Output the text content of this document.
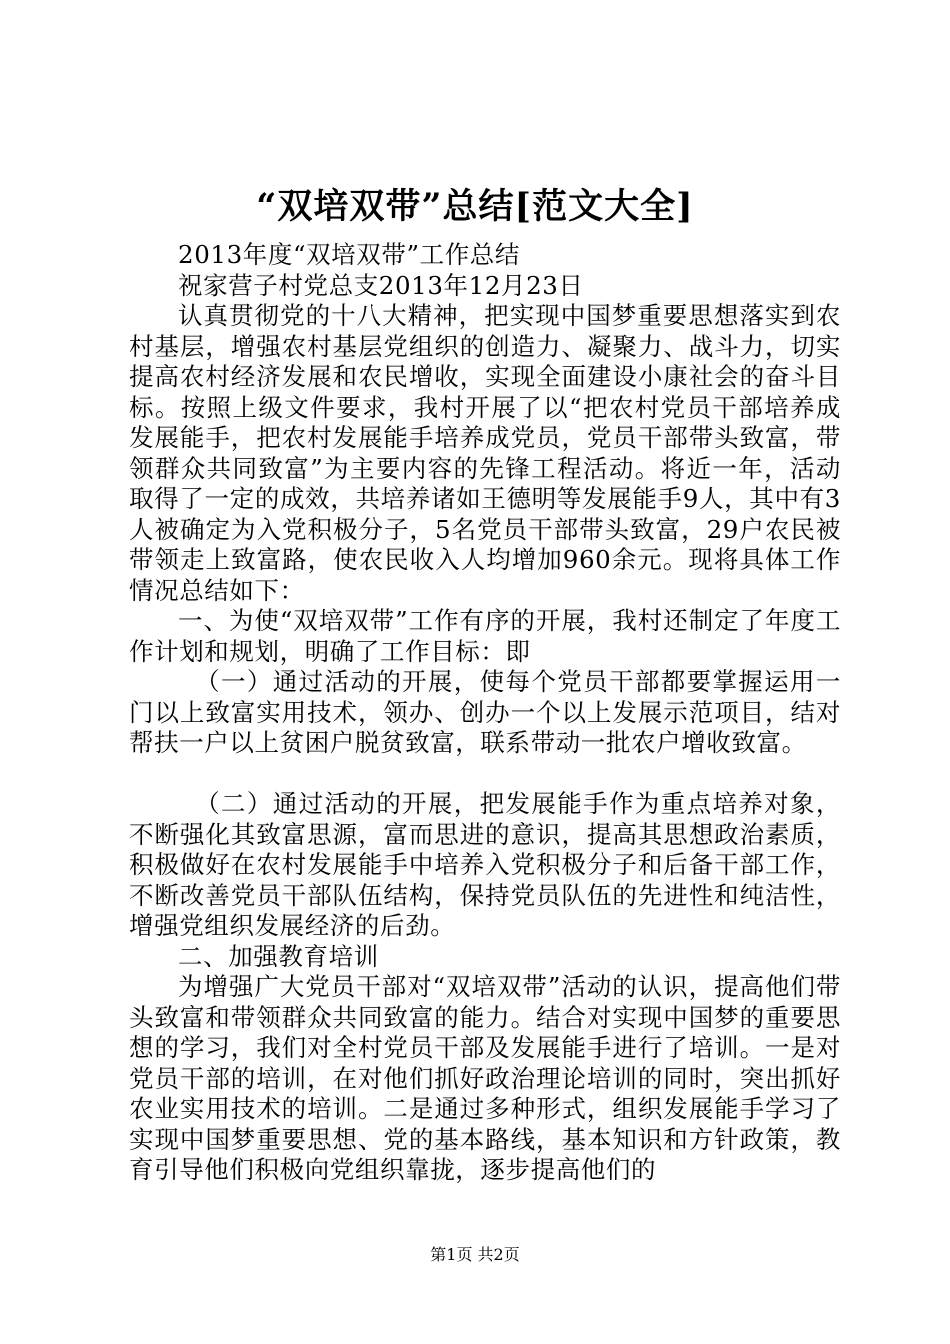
“双培双带”总结[范文大全]

2013年度“双培双带”工作总结

祝家营子村党总支2013年12月23日

认真贯彻党的十八大精神，把实现中国梦重要思想落实到农村基层，增强农村基层党组织的创造力、凝聚力、战斗力，切实提高农村经济发展和农民增收，实现全面建设小康社会的奋斗目标。按照上级文件要求，我村开展了以“把农村党员干部培养成发展能手，把农村发展能手培养成党员，党员干部带头致富，带领群众共同致富”为主要内容的先锋工程活动。将近一年，活动取得了一定的成效，共培养诸如王德明等发展能手9人，其中有3人被确定为入党积极分子，5名党员干部带头致富，29户农民被带领走上致富路，使农民收入人均增加960余元。现将具体工作情况总结如下：

一、为使“双培双带”工作有序的开展，我村还制定了年度工作计划和规划，明确了工作目标：即

（一）通过活动的开展，使每个党员干部都要掌握运用一门以上致富实用技术，领办、创办一个以上发展示范项目，结对帮扶一户以上贫困户脱贫致富，联系带动一批农户增收致富。

（二）通过活动的开展，把发展能手作为重点培养对象，不断强化其致富思源，富而思进的意识，提高其思想政治素质，积极做好在农村发展能手中培养入党积极分子和后备干部工作，不断改善党员干部队伍结构，保持党员队伍的先进性和纯洁性，增强党组织发展经济的后劲。

二、加强教育培训

为增强广大党员干部对“双培双带”活动的认识，提高他们带头致富和带领群众共同致富的能力。结合对实现中国梦的重要思想的学习，我们对全村党员干部及发展能手进行了培训。一是对党员干部的培训，在对他们抓好政治理论培训的同时，突出抓好农业实用技术的培训。二是通过多种形式，组织发展能手学习了实现中国梦重要思想、党的基本路线，基本知识和方针政策，教育引导他们积极向党组织靠拢，逐步提高他们的

第1页 共2页
